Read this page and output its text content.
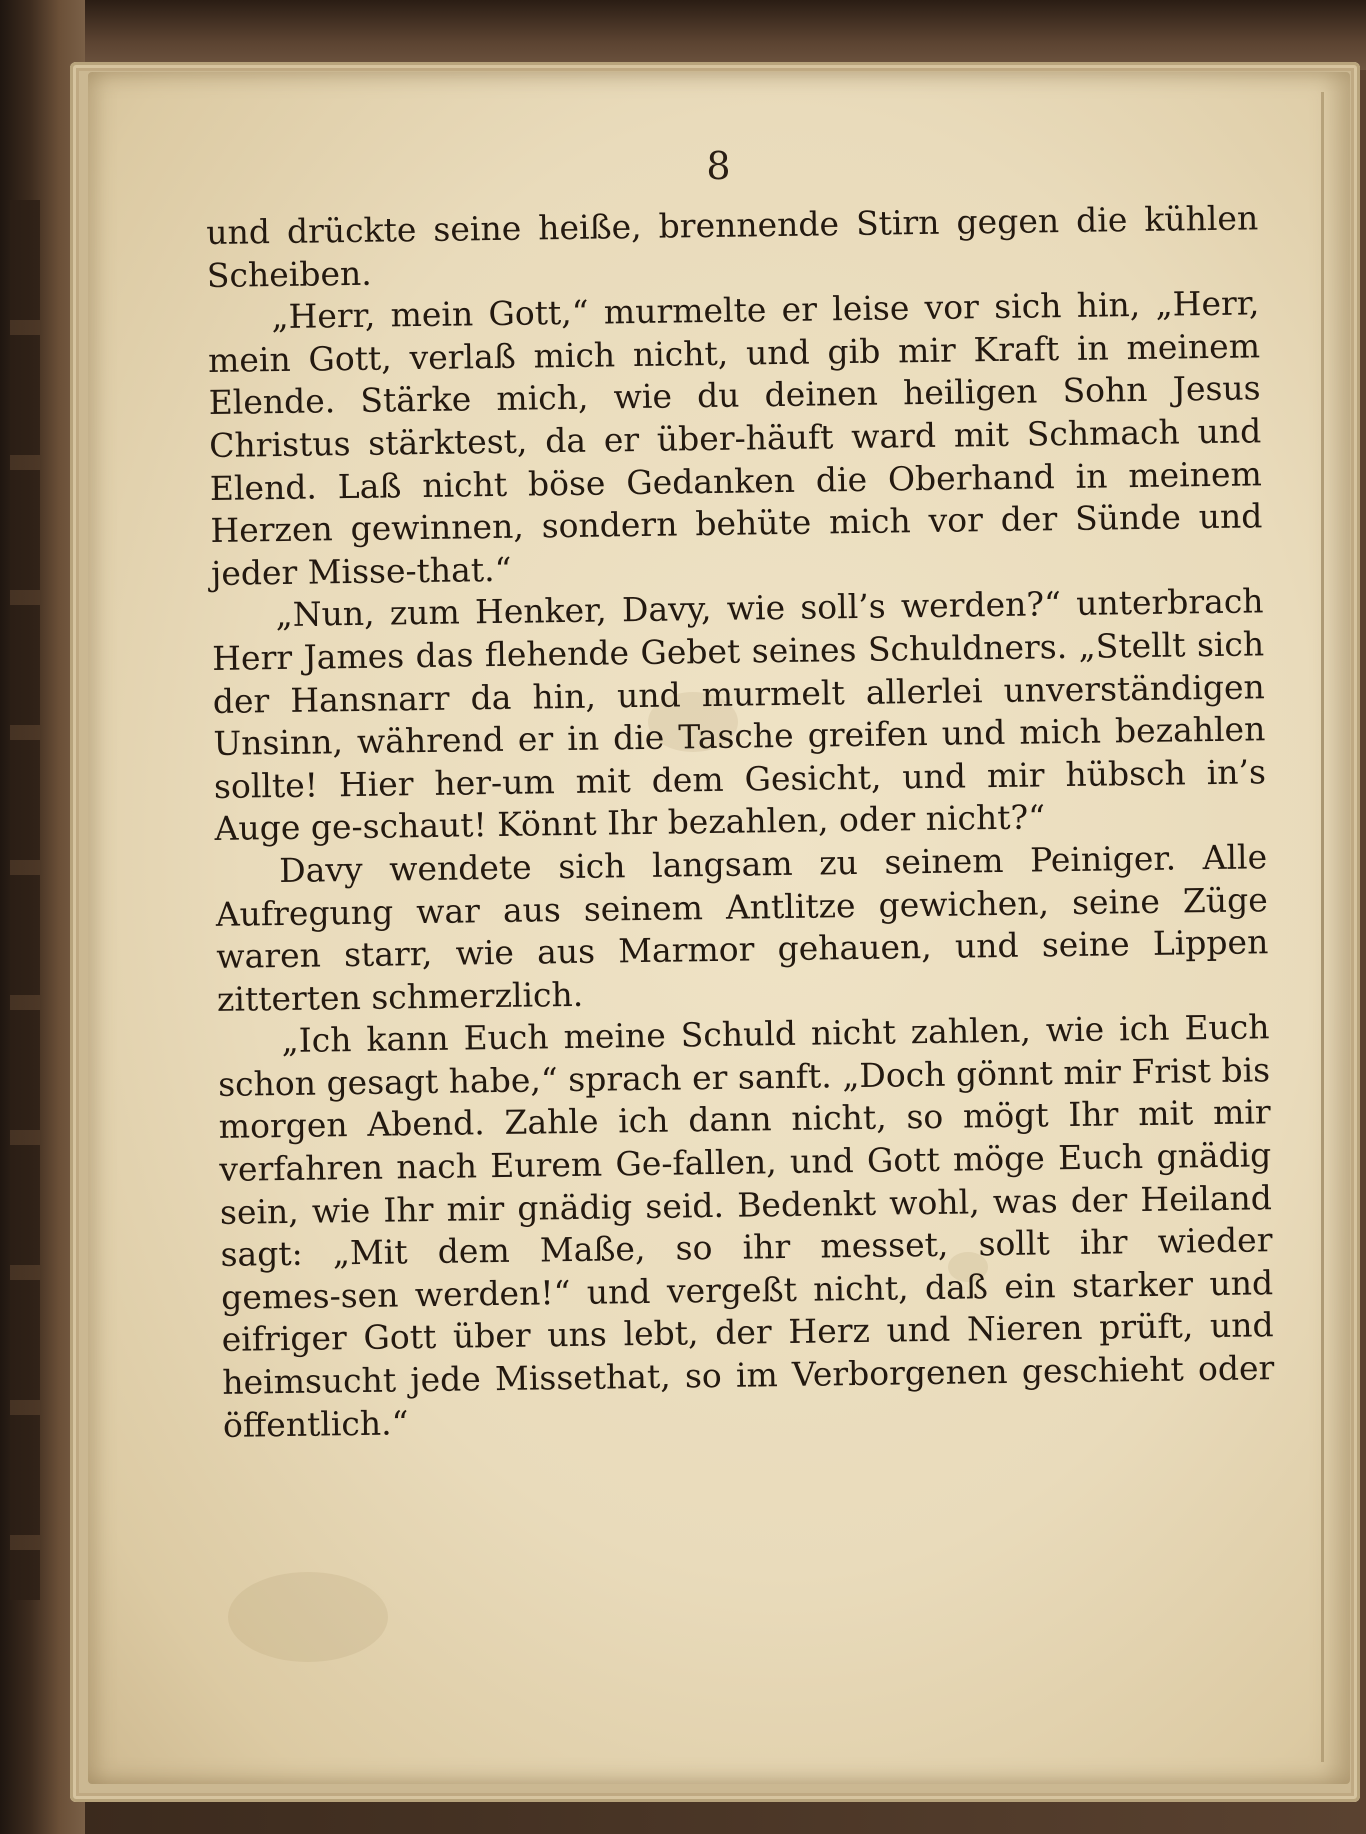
8

und drückte seine heiße, brennende Stirn gegen die kühlen Scheiben.

„Herr, mein Gott,“ murmelte er leise vor sich hin, „Herr, mein Gott, verlaß mich nicht, und gib mir Kraft in meinem Elende. Stärke mich, wie du deinen heiligen Sohn Jesus Christus stärktest, da er über‑häuft ward mit Schmach und Elend. Laß nicht böse Gedanken die Oberhand in meinem Herzen gewinnen, sondern behüte mich vor der Sünde und jeder Misse‑that.“

„Nun, zum Henker, Davy, wie soll’s werden?“ unterbrach Herr James das flehende Gebet seines Schuldners. „Stellt sich der Hansnarr da hin, und murmelt allerlei unverständigen Unsinn, während er in die Tasche greifen und mich bezahlen sollte! Hier her‑um mit dem Gesicht, und mir hübsch in’s Auge ge‑schaut! Könnt Ihr bezahlen, oder nicht?“

Davy wendete sich langsam zu seinem Peiniger. Alle Aufregung war aus seinem Antlitze gewichen, seine Züge waren starr, wie aus Marmor gehauen, und seine Lippen zitterten schmerzlich.

„Ich kann Euch meine Schuld nicht zahlen, wie ich Euch schon gesagt habe,“ sprach er sanft. „Doch gönnt mir Frist bis morgen Abend. Zahle ich dann nicht, so mögt Ihr mit mir verfahren nach Eurem Ge‑fallen, und Gott möge Euch gnädig sein, wie Ihr mir gnädig seid. Bedenkt wohl, was der Heiland sagt: „Mit dem Maße, so ihr messet, sollt ihr wieder gemes‑sen werden!“ und vergeßt nicht, daß ein starker und eifriger Gott über uns lebt, der Herz und Nieren prüft, und heimsucht jede Missethat, so im Verborgenen geschieht oder öffentlich.“
